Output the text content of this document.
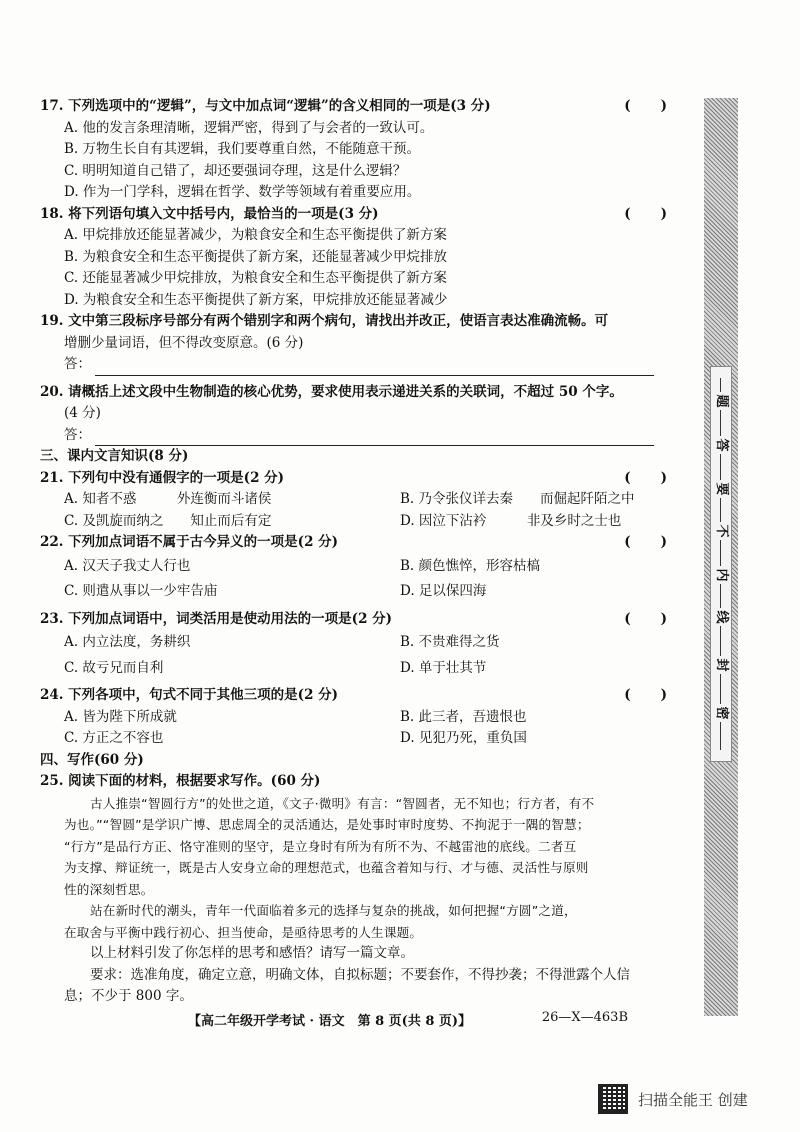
17. 下列选项中的“逻辑”，与文中加点词“逻辑”的含义相同的一项是(3 分)	(　　)
A. 他的发言条理清晰，逻辑严密，得到了与会者的一致认可。
B. 万物生长自有其逻辑，我们要尊重自然，不能随意干预。
C. 明明知道自己错了，却还要强词夺理，这是什么逻辑？
D. 作为一门学科，逻辑在哲学、数学等领域有着重要应用。
18. 将下列语句填入文中括号内，最恰当的一项是(3 分)	(　　)
A. 甲烷排放还能显著减少，为粮食安全和生态平衡提供了新方案
B. 为粮食安全和生态平衡提供了新方案，还能显著减少甲烷排放
C. 还能显著减少甲烷排放，为粮食安全和生态平衡提供了新方案
D. 为粮食安全和生态平衡提供了新方案，甲烷排放还能显著减少
19. 文中第三段标序号部分有两个错别字和两个病句，请找出并改正，使语言表达准确流畅。可
增删少量词语，但不得改变原意。(6 分)
答：
20. 请概括上述文段中生物制造的核心优势，要求使用表示递进关系的关联词，不超过 50 个字。
(4 分)
答：
三、课内文言知识(8 分)
21. 下列句中没有通假字的一项是(2 分)	(　　)
A. 知者不惑　　　外连衡而斗诸侯	B. 乃令张仪详去秦　　而倔起阡陌之中
C. 及凯旋而纳之　　知止而后有定	D. 因泣下沾衿　　　非及乡时之士也
22. 下列加点词语不属于古今异义的一项是(2 分)	(　　)
A. 汉天子我丈人行也	B. 颜色憔悴，形容枯槁
C. 则遣从事以一少牢告庙	D. 足以保四海
23. 下列加点词语中，词类活用是使动用法的一项是(2 分)	(　　)
A. 内立法度，务耕织	B. 不贵难得之货
C. 故亏兄而自利	D. 单于壮其节
24. 下列各项中，句式不同于其他三项的是(2 分)	(　　)
A. 皆为陛下所成就	B. 此三者，吾遗恨也
C. 方正之不容也	D. 见犯乃死，重负国
四、写作(60 分)
25. 阅读下面的材料，根据要求写作。(60 分)
古人推崇“智圆行方”的处世之道，《文子·微明》有言：“智圆者，无不知也；行方者，有不
为也。”“智圆”是学识广博、思虑周全的灵活通达，是处事时审时度势、不拘泥于一隅的智慧；
“行方”是品行方正、恪守准则的坚守，是立身时有所为有所不为、不越雷池的底线。二者互
为支撑、辩证统一，既是古人安身立命的理想范式，也蕴含着知与行、才与德、灵活性与原则
性的深刻哲思。
站在新时代的潮头，青年一代面临着多元的选择与复杂的挑战，如何把握“方圆”之道，
在取舍与平衡中践行初心、担当使命，是亟待思考的人生课题。
以上材料引发了你怎样的思考和感悟？请写一篇文章。
要求：选准角度，确定立意，明确文体，自拟标题；不要套作，不得抄袭；不得泄露个人信
息；不少于 800 字。
【高二年级开学考试 · 语文　第 8 页(共 8 页)】	26—X—463B
密
封
线
内
不
要
答
题
扫描全能王 创建
